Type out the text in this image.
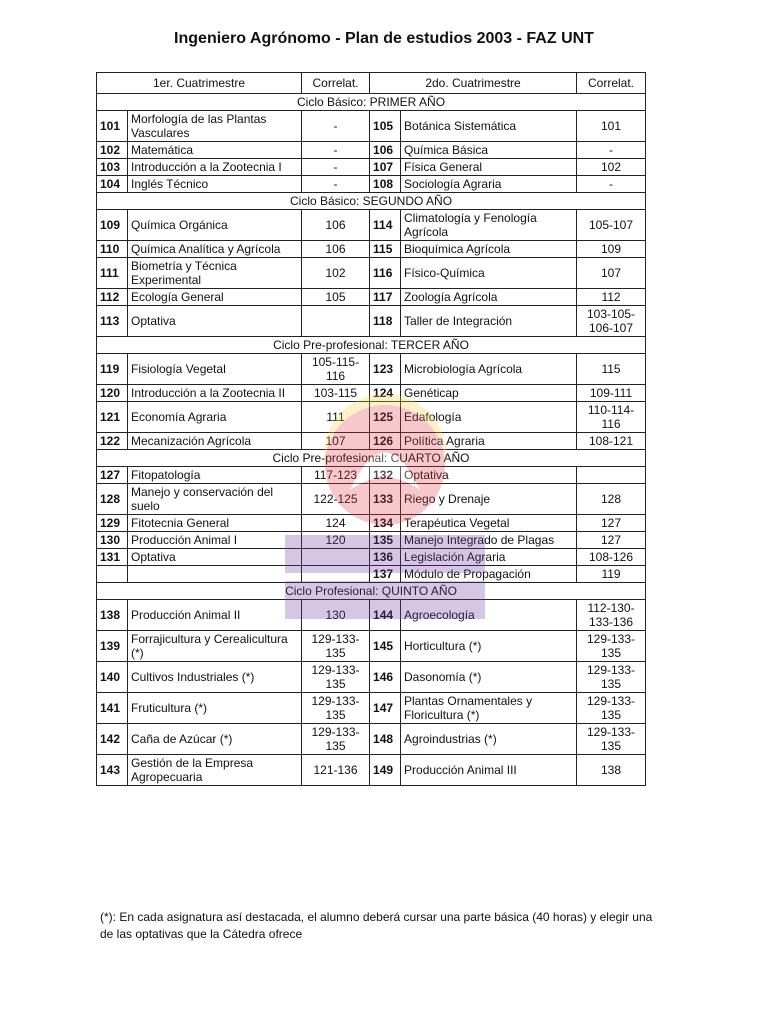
Ingeniero Agrónomo - Plan de estudios 2003 - FAZ UNT
1er. Cuatrimestre		Correlat.	2do. Cuatrimestre		Correlat.
Ciclo Básico: PRIMER AÑO					
101	Morfología de las Plantas Vasculares	-	105	Botánica Sistemática	101
102	Matemática	-	106	Química Básica	-
103	Introducción a la Zootecnia I	-	107	Física General	102
104	Inglés Técnico	-	108	Sociología Agraria	-
Ciclo Básico: SEGUNDO AÑO					
109	Química Orgánica	106	114	Climatología y Fenología Agrícola	105-107
110	Química Analítica y Agrícola	106	115	Bioquímica Agrícola	109
111	Biometría y Técnica Experimental	102	116	Físico-Química	107
112	Ecología General	105	117	Zoología Agrícola	112
113	Optativa		118	Taller de Integración	103-105-106-107
Ciclo Pre-profesional: TERCER AÑO					
119	Fisiología Vegetal	105-115-116	123	Microbiología Agrícola	115
120	Introducción a la Zootecnia II	103-115	124	Genéticap	109-111
121	Economía Agraria	111	125	Edafología	110-114-116
122	Mecanización Agrícola	107	126	Política Agraria	108-121
Ciclo Pre-profesional: CUARTO AÑO					
127	Fitopatología	117-123	132	Optativa	
128	Manejo y conservación del suelo	122-125	133	Riego y Drenaje	128
129	Fitotecnia General	124	134	Terapéutica Vegetal	127
130	Producción Animal I	120	135	Manejo Integrado de Plagas	127
131	Optativa		136	Legislación Agraria	108-126
			137	Módulo de Propagación	119
Ciclo Profesional: QUINTO AÑO					
138	Producción Animal II	130	144	Agroecología	112-130-133-136
139	Forrajicultura y Cerealicultura (*)	129-133-135	145	Horticultura (*)	129-133-135
140	Cultivos Industriales (*)	129-133-135	146	Dasonomía (*)	129-133-135
141	Fruticultura (*)	129-133-135	147	Plantas Ornamentales y Floricultura (*)	129-133-135
142	Caña de Azúcar (*)	129-133-135	148	Agroindustrias (*)	129-133-135
143	Gestión de la Empresa Agropecuaria	121-136	149	Producción Animal III	138
(*): En cada asignatura así destacada, el alumno deberá cursar una parte básica (40 horas) y elegir una de las optativas que la Cátedra ofrece
